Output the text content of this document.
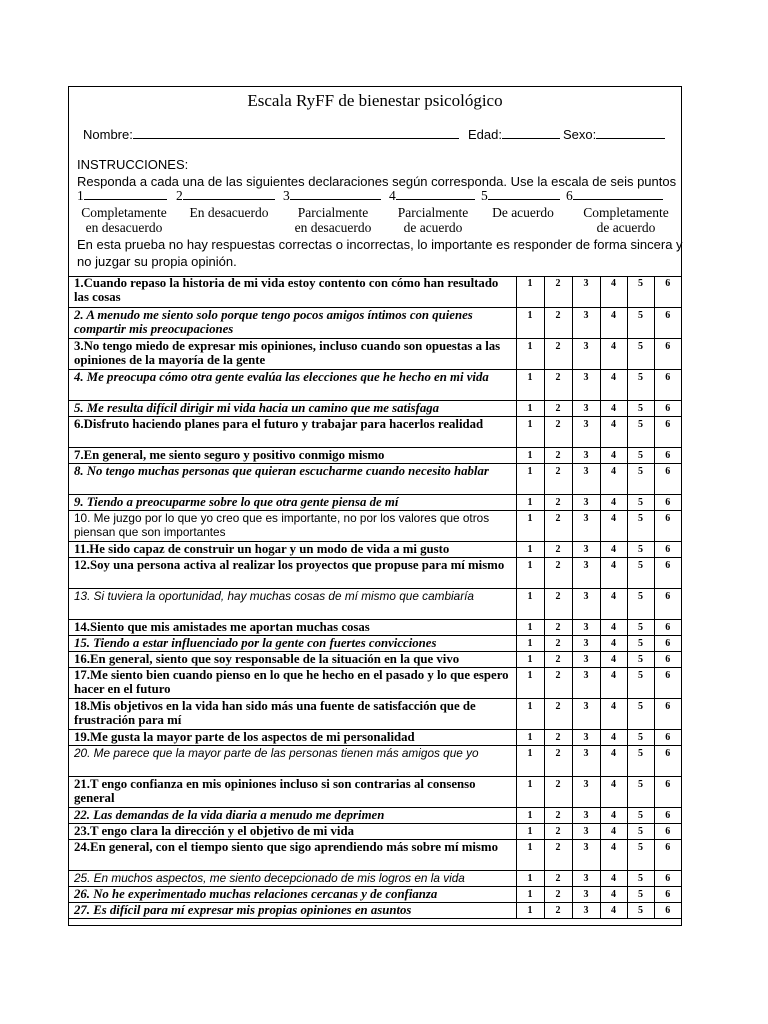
Escala RyFF de bienestar psicológico
Nombre:	Edad:	Sexo:
INSTRUCCIONES:
Responda a cada una de las siguientes declaraciones según corresponda. Use la escala de seis puntos
1	2	3	4	5	6
Completamente
en desacuerdo
En desacuerdo	Parcialmente
en desacuerdo
Parcialmente
de acuerdo
De acuerdo	Completamente
de acuerdo
En esta prueba no hay respuestas correctas o incorrectas, lo importante es responder de forma sincera y
no juzgar su propia opinión.
1.Cuando repaso la historia de mi vida estoy contento con cómo han resultado las cosas	1	2	3	4	5	6
2. A menudo me siento solo porque tengo pocos amigos íntimos con quienes compartir mis preocupaciones	1	2	3	4	5	6
3.No tengo miedo de expresar mis opiniones, incluso cuando son opuestas a las opiniones de la mayoría de la gente	1	2	3	4	5	6
4. Me preocupa cómo otra gente evalúa las elecciones que he hecho en mi vida	1	2	3	4	5	6
5. Me resulta difícil dirigir mi vida hacia un camino que me satisfaga	1	2	3	4	5	6
6.Disfruto haciendo planes para el futuro y trabajar para hacerlos realidad	1	2	3	4	5	6
7.En general, me siento seguro y positivo conmigo mismo	1	2	3	4	5	6
8. No tengo muchas personas que quieran escucharme cuando necesito hablar	1	2	3	4	5	6
9. Tiendo a preocuparme sobre lo que otra gente piensa de mí	1	2	3	4	5	6
10. Me juzgo por lo que yo creo que es importante, no por los valores que otros piensan que son importantes	1	2	3	4	5	6
11.He sido capaz de construir un hogar y un modo de vida a mi gusto	1	2	3	4	5	6
12.Soy una persona activa al realizar los proyectos que propuse para mí mismo	1	2	3	4	5	6
13. Si tuviera la oportunidad, hay muchas cosas de mí mismo que cambiaría	1	2	3	4	5	6
14.Siento que mis amistades me aportan muchas cosas	1	2	3	4	5	6
15. Tiendo a estar influenciado por la gente con fuertes convicciones	1	2	3	4	5	6
16.En general, siento que soy responsable de la situación en la que vivo	1	2	3	4	5	6
17.Me siento bien cuando pienso en lo que he hecho en el pasado y lo que espero hacer en el futuro	1	2	3	4	5	6
18.Mis objetivos en la vida han sido más una fuente de satisfacción que de frustración para mí	1	2	3	4	5	6
19.Me gusta la mayor parte de los aspectos de mi personalidad	1	2	3	4	5	6
20. Me parece que la mayor parte de las personas tienen más amigos que yo	1	2	3	4	5	6
21.T engo confianza en mis opiniones incluso si son contrarias al consenso general	1	2	3	4	5	6
22. Las demandas de la vida diaria a menudo me deprimen	1	2	3	4	5	6
23.T engo clara la dirección y el objetivo de mi vida	1	2	3	4	5	6
24.En general, con el tiempo siento que sigo aprendiendo más sobre mí mismo	1	2	3	4	5	6
25. En muchos aspectos, me siento decepcionado de mis logros en la vida	1	2	3	4	5	6
26. No he experimentado muchas relaciones cercanas y de confianza	1	2	3	4	5	6
27. Es difícil para mí expresar mis propias opiniones en asuntos	1	2	3	4	5	6
